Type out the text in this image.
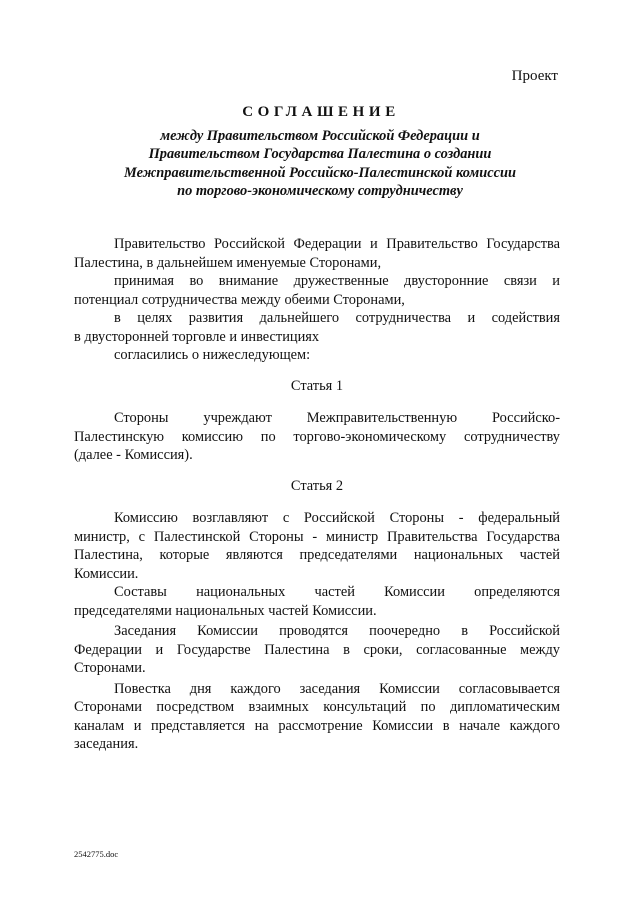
Проект
СОГЛАШЕНИЕ
между Правительством Российской Федерации и
Правительством Государства Палестина о создании
Межправительственной Российско-Палестинской комиссии
по торгово-экономическому сотрудничеству
Правительство Российской Федерации и Правительство Государства
Палестина, в дальнейшем именуемые Сторонами,
принимая во внимание дружественные двусторонние связи и
потенциал сотрудничества между обеими Сторонами,
в целях развития дальнейшего сотрудничества и содействия
в двусторонней торговле и инвестициях
согласились о нижеследующем:
Статья 1
Стороны учреждают Межправительственную Российско-
Палестинскую комиссию по торгово-экономическому сотрудничеству
(далее - Комиссия).
Статья 2
Комиссию возглавляют с Российской Стороны - федеральный
министр, с Палестинской Стороны - министр Правительства Государства
Палестина, которые являются председателями национальных частей
Комиссии.
Составы национальных частей Комиссии определяются
председателями национальных частей Комиссии.
Заседания Комиссии проводятся поочередно в Российской
Федерации и Государстве Палестина в сроки, согласованные между
Сторонами.
Повестка дня каждого заседания Комиссии согласовывается
Сторонами посредством взаимных консультаций по дипломатическим
каналам и представляется на рассмотрение Комиссии в начале каждого
заседания.
2542775.doc
